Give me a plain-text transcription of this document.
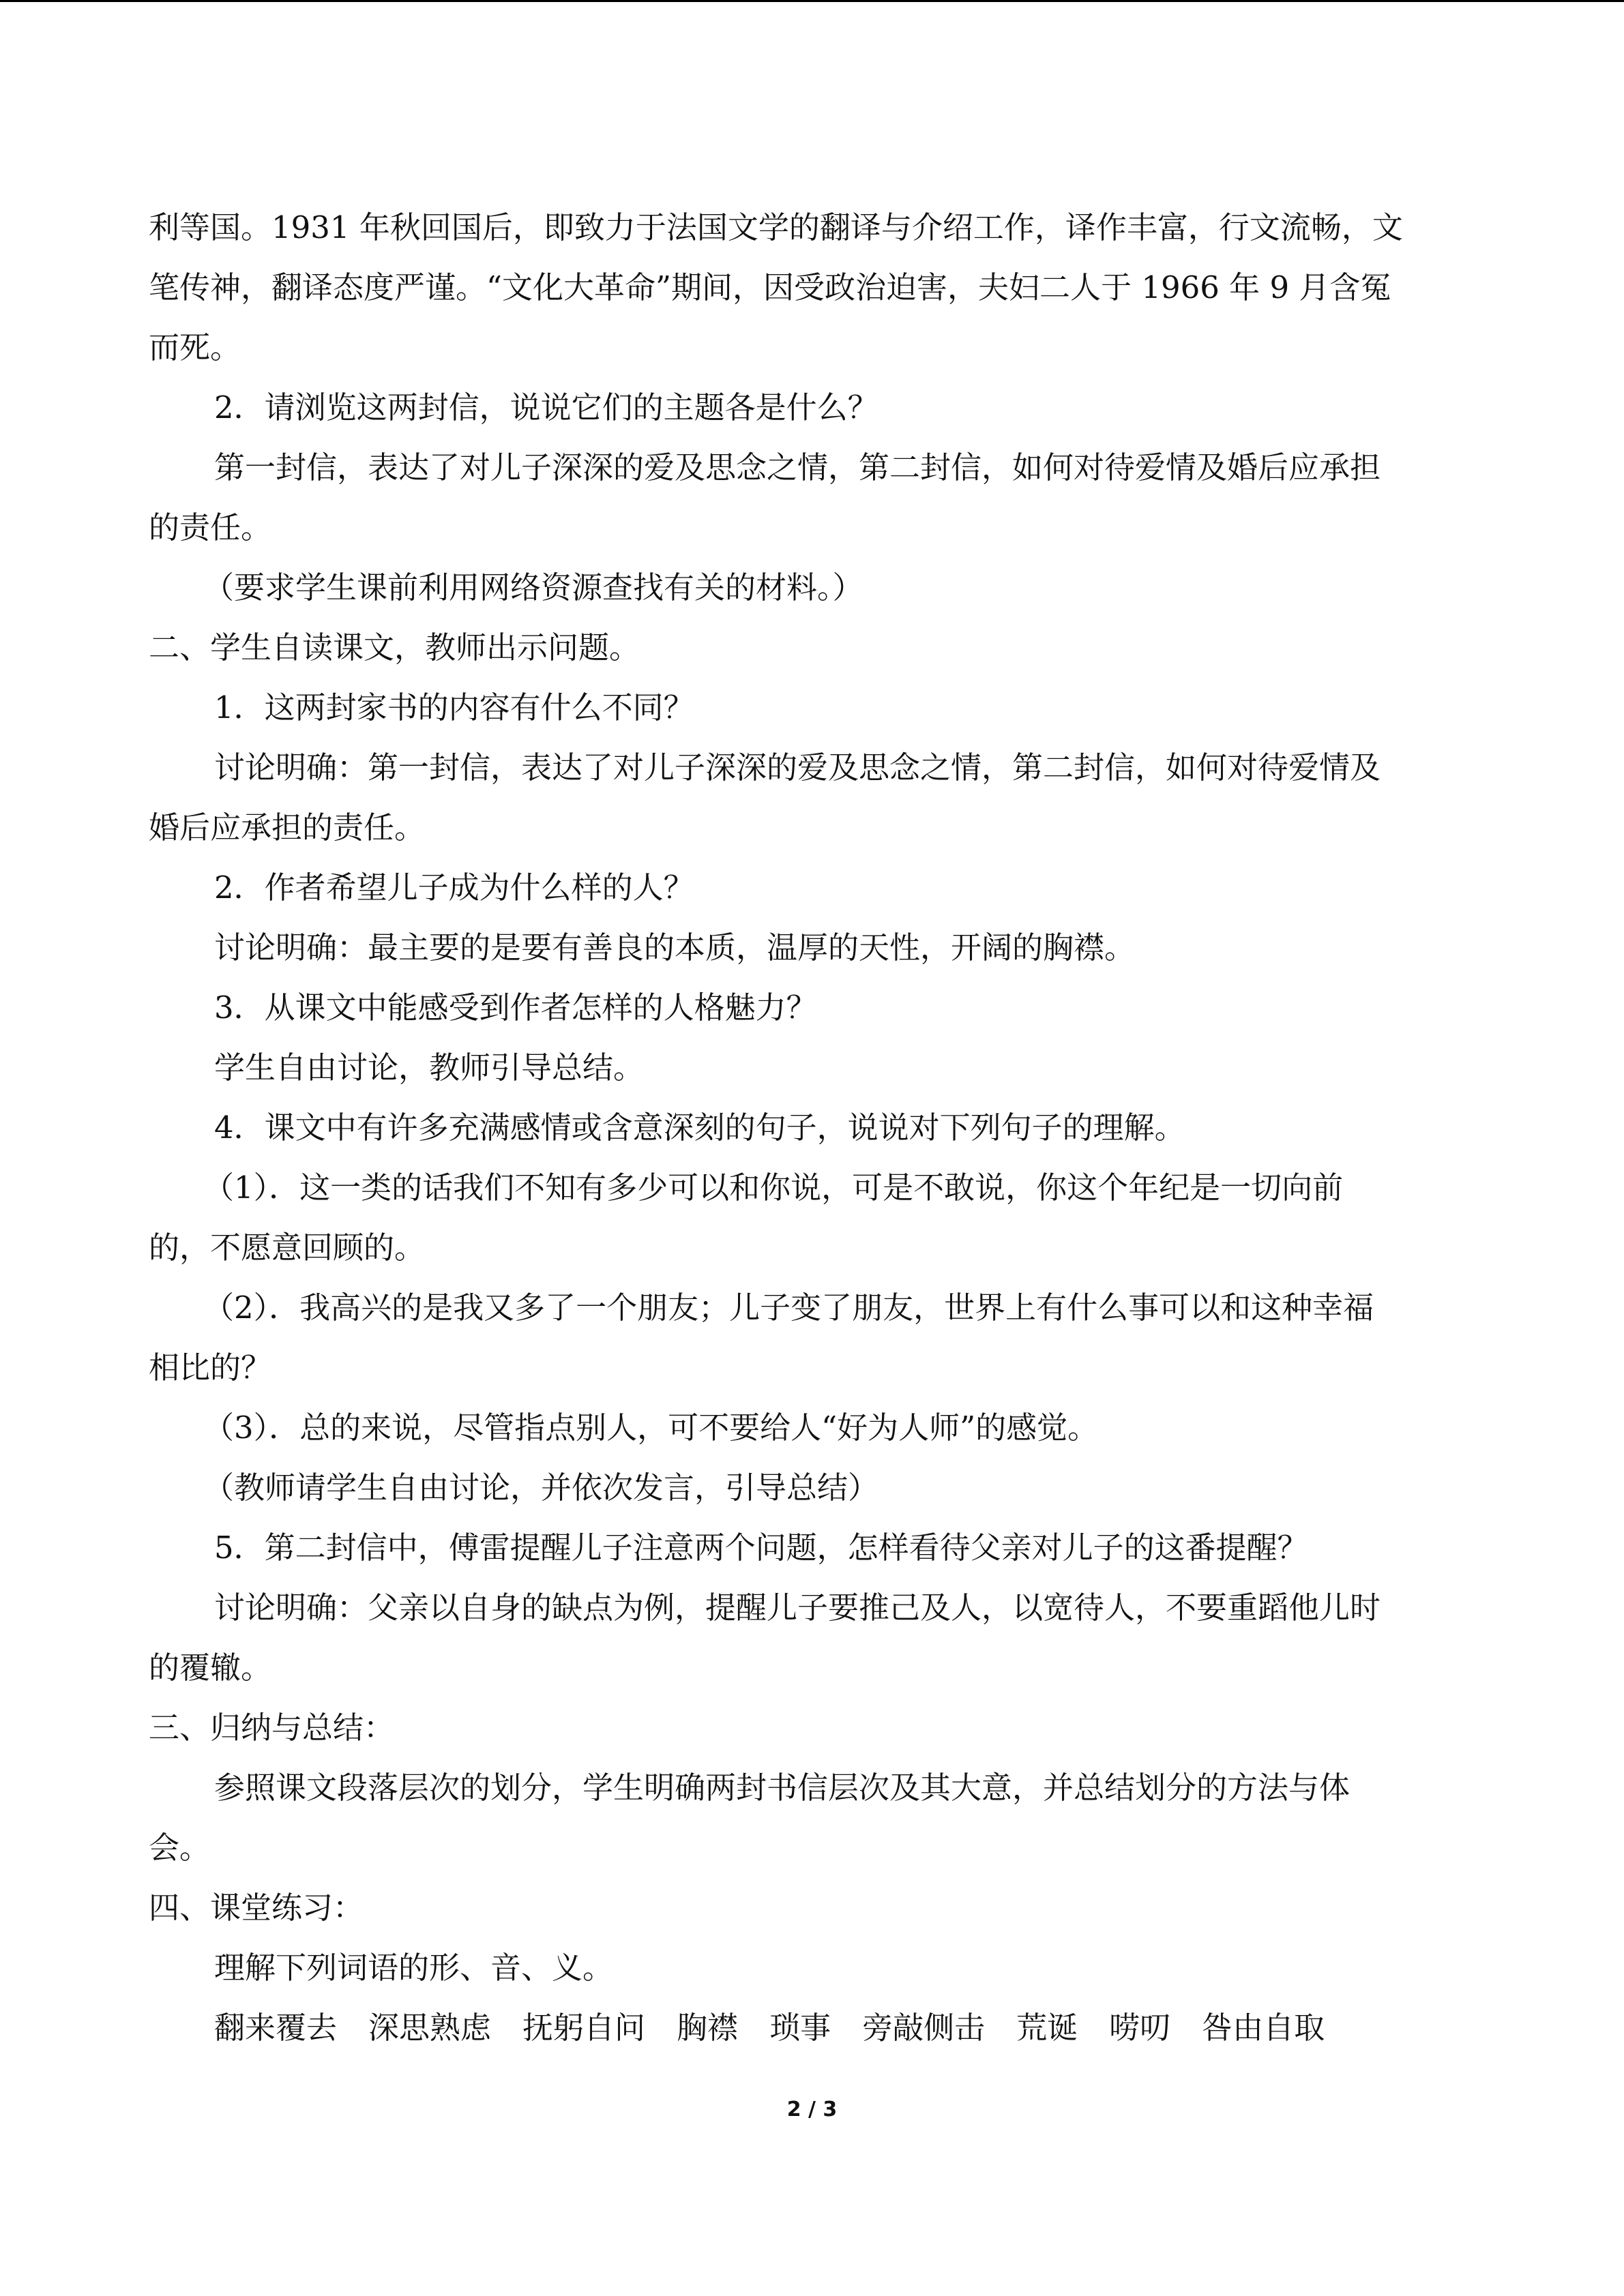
利等国。1931 年秋回国后，即致力于法国文学的翻译与介绍工作，译作丰富，行文流畅，文
笔传神，翻译态度严谨。“文化大革命”期间，因受政治迫害，夫妇二人于 1966 年 9 月含冤
而死。
2．请浏览这两封信，说说它们的主题各是什么？
第一封信，表达了对儿子深深的爱及思念之情，第二封信，如何对待爱情及婚后应承担
的责任。
（要求学生课前利用网络资源查找有关的材料。）
二、学生自读课文，教师出示问题。
1．这两封家书的内容有什么不同？
讨论明确：第一封信，表达了对儿子深深的爱及思念之情，第二封信，如何对待爱情及
婚后应承担的责任。
2．作者希望儿子成为什么样的人？
讨论明确：最主要的是要有善良的本质，温厚的天性，开阔的胸襟。
3．从课文中能感受到作者怎样的人格魅力？
学生自由讨论，教师引导总结。
4．课文中有许多充满感情或含意深刻的句子，说说对下列句子的理解。
（1）．这一类的话我们不知有多少可以和你说，可是不敢说，你这个年纪是一切向前
的，不愿意回顾的。
（2）．我高兴的是我又多了一个朋友；儿子变了朋友，世界上有什么事可以和这种幸福
相比的？
（3）．总的来说，尽管指点别人，可不要给人“好为人师”的感觉。
（教师请学生自由讨论，并依次发言，引导总结）
5．第二封信中，傅雷提醒儿子注意两个问题，怎样看待父亲对儿子的这番提醒？
讨论明确：父亲以自身的缺点为例，提醒儿子要推己及人，以宽待人，不要重蹈他儿时
的覆辙。
三、归纳与总结：
参照课文段落层次的划分，学生明确两封书信层次及其大意，并总结划分的方法与体
会。
四、课堂练习：
理解下列词语的形、音、义。
翻来覆去 深思熟虑 抚躬自问 胸襟 琐事 旁敲侧击 荒诞 唠叨 咎由自取
2 / 3
